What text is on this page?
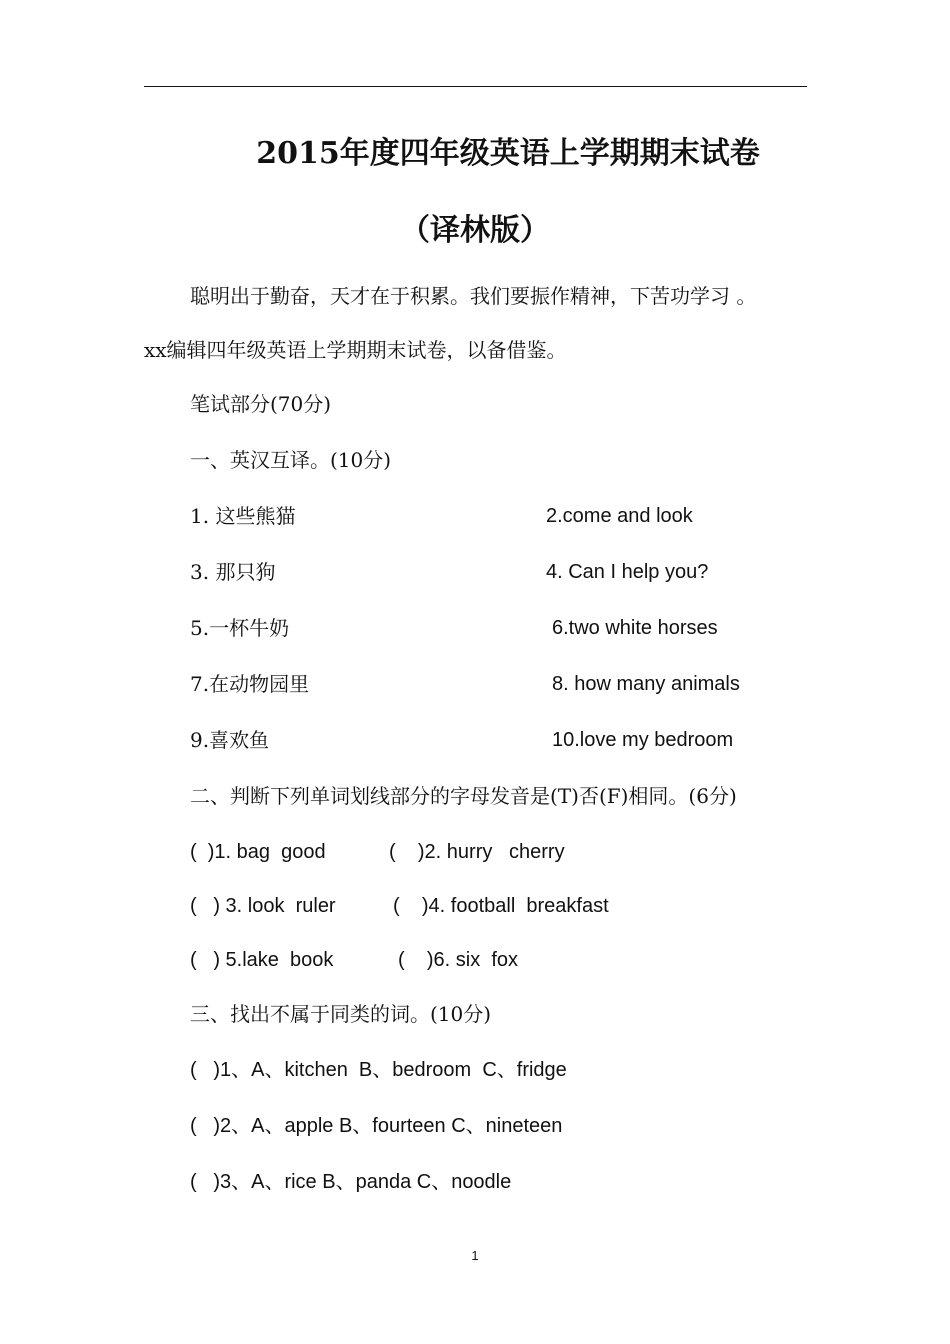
2015年度四年级英语上学期期末试卷
（译林版）
聪明出于勤奋，天才在于积累。我们要振作精神，下苦功学习 。
xx编辑四年级英语上学期期末试卷，以备借鉴。
笔试部分(70分)
一、英汉互译。(10分)
1. 这些熊猫	2.come and look
3. 那只狗	4. Can I help you?
5.一杯牛奶	6.two white horses
7.在动物园里	8. how many animals
9.喜欢鱼	10.love my bedroom
二、判断下列单词划线部分的字母发音是(T)否(F)相同。(6分)
(  )1. bag  good	(    )2. hurry   cherry
(   ) 3. look  ruler	(    )4. football  breakfast
(   ) 5.lake  book	(    )6. six  fox
三、找出不属于同类的词。(10分)
(   )1、A、kitchen  B、bedroom  C、fridge
(   )2、A、apple B、fourteen C、nineteen
(   )3、A、rice B、panda C、noodle
1
